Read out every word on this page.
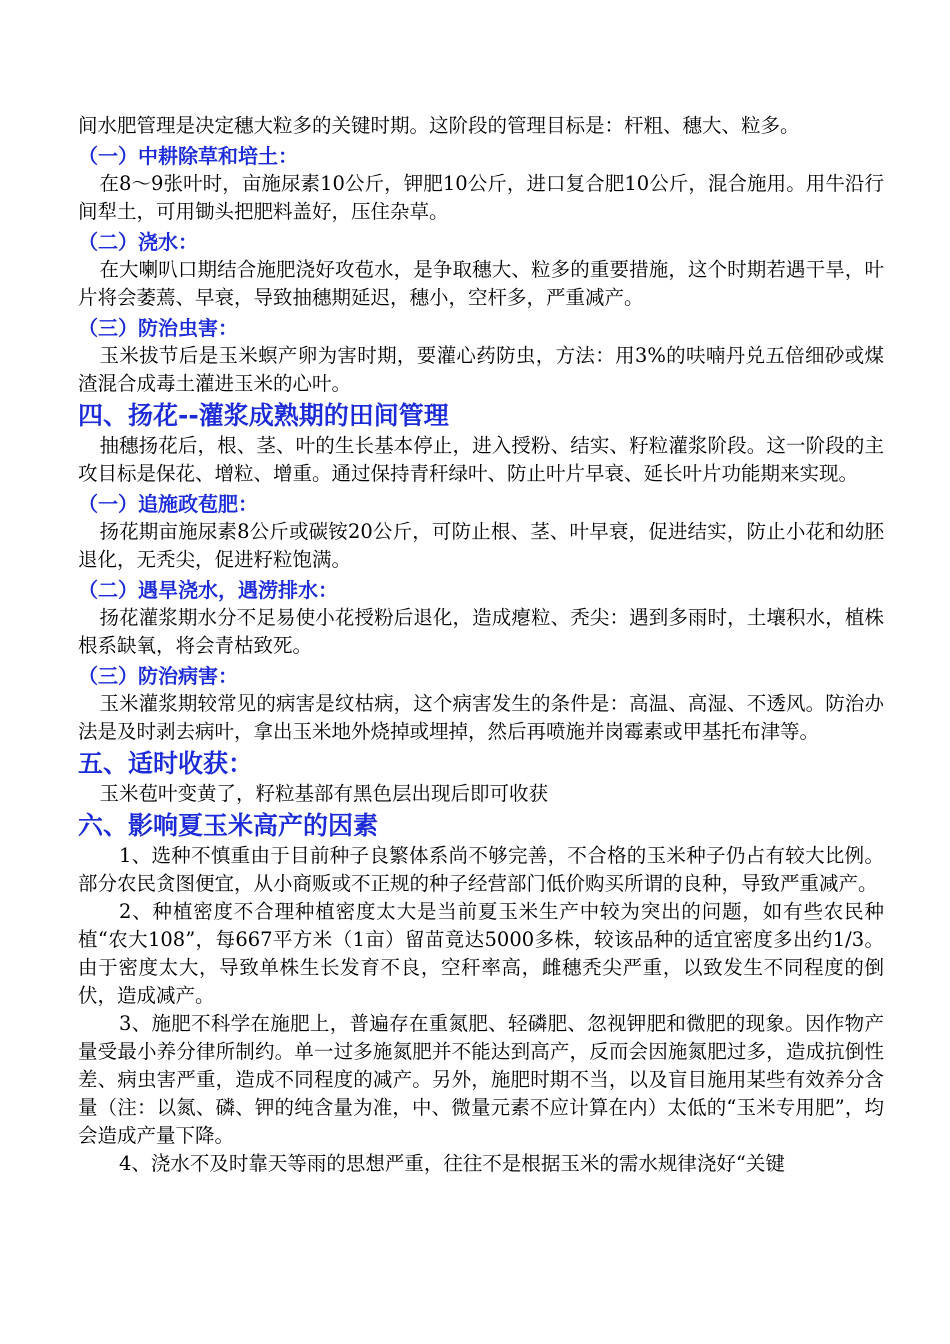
间水肥管理是决定穗大粒多的关键时期。这阶段的管理目标是：杆粗、穗大、粒多。

（一）中耕除草和培土：

在8～9张叶时，亩施尿素10公斤，钾肥10公斤，进口复合肥10公斤，混合施用。用牛沿行间犁土，可用锄头把肥料盖好，压住杂草。

（二）浇水：

在大喇叭口期结合施肥浇好攻苞水，是争取穗大、粒多的重要措施，这个时期若遇干旱，叶片将会萎蔫、早衰，导致抽穗期延迟，穗小，空杆多，严重减产。

（三）防治虫害：

玉米拔节后是玉米螟产卵为害时期，要灌心药防虫，方法：用3%的呋喃丹兑五倍细砂或煤渣混合成毒土灌进玉米的心叶。

四、扬花--灌浆成熟期的田间管理

抽穗扬花后，根、茎、叶的生长基本停止，进入授粉、结实、籽粒灌浆阶段。这一阶段的主攻目标是保花、增粒、增重。通过保持青秆绿叶、防止叶片早衰、延长叶片功能期来实现。

（一）追施政苞肥：

扬花期亩施尿素8公斤或碳铵20公斤，可防止根、茎、叶早衰，促进结实，防止小花和幼胚退化，无秃尖，促进籽粒饱满。

（二）遇旱浇水，遇涝排水：

扬花灌浆期水分不足易使小花授粉后退化，造成瘪粒、秃尖：遇到多雨时，土壤积水，植株根系缺氧，将会青枯致死。

（三）防治病害：

玉米灌浆期较常见的病害是纹枯病，这个病害发生的条件是：高温、高湿、不透风。防治办法是及时剥去病叶，拿出玉米地外烧掉或埋掉，然后再喷施并岗霉素或甲基托布津等。

五、适时收获：

玉米苞叶变黄了，籽粒基部有黑色层出现后即可收获

六、影响夏玉米高产的因素

1、选种不慎重由于目前种子良繁体系尚不够完善，不合格的玉米种子仍占有较大比例。部分农民贪图便宜，从小商贩或不正规的种子经营部门低价购买所谓的良种，导致严重减产。

2、种植密度不合理种植密度太大是当前夏玉米生产中较为突出的问题，如有些农民种植“农大108”，每667平方米（1亩）留苗竟达5000多株，较该品种的适宜密度多出约1/3。由于密度太大，导致单株生长发育不良，空秆率高，雌穗秃尖严重，以致发生不同程度的倒伏，造成减产。

3、施肥不科学在施肥上，普遍存在重氮肥、轻磷肥、忽视钾肥和微肥的现象。因作物产量受最小养分律所制约。单一过多施氮肥并不能达到高产，反而会因施氮肥过多，造成抗倒性差、病虫害严重，造成不同程度的减产。另外，施肥时期不当，以及盲目施用某些有效养分含量（注：以氮、磷、钾的纯含量为准，中、微量元素不应计算在内）太低的“玉米专用肥”，均会造成产量下降。

4、浇水不及时靠天等雨的思想严重，往往不是根据玉米的需水规律浇好“关键
